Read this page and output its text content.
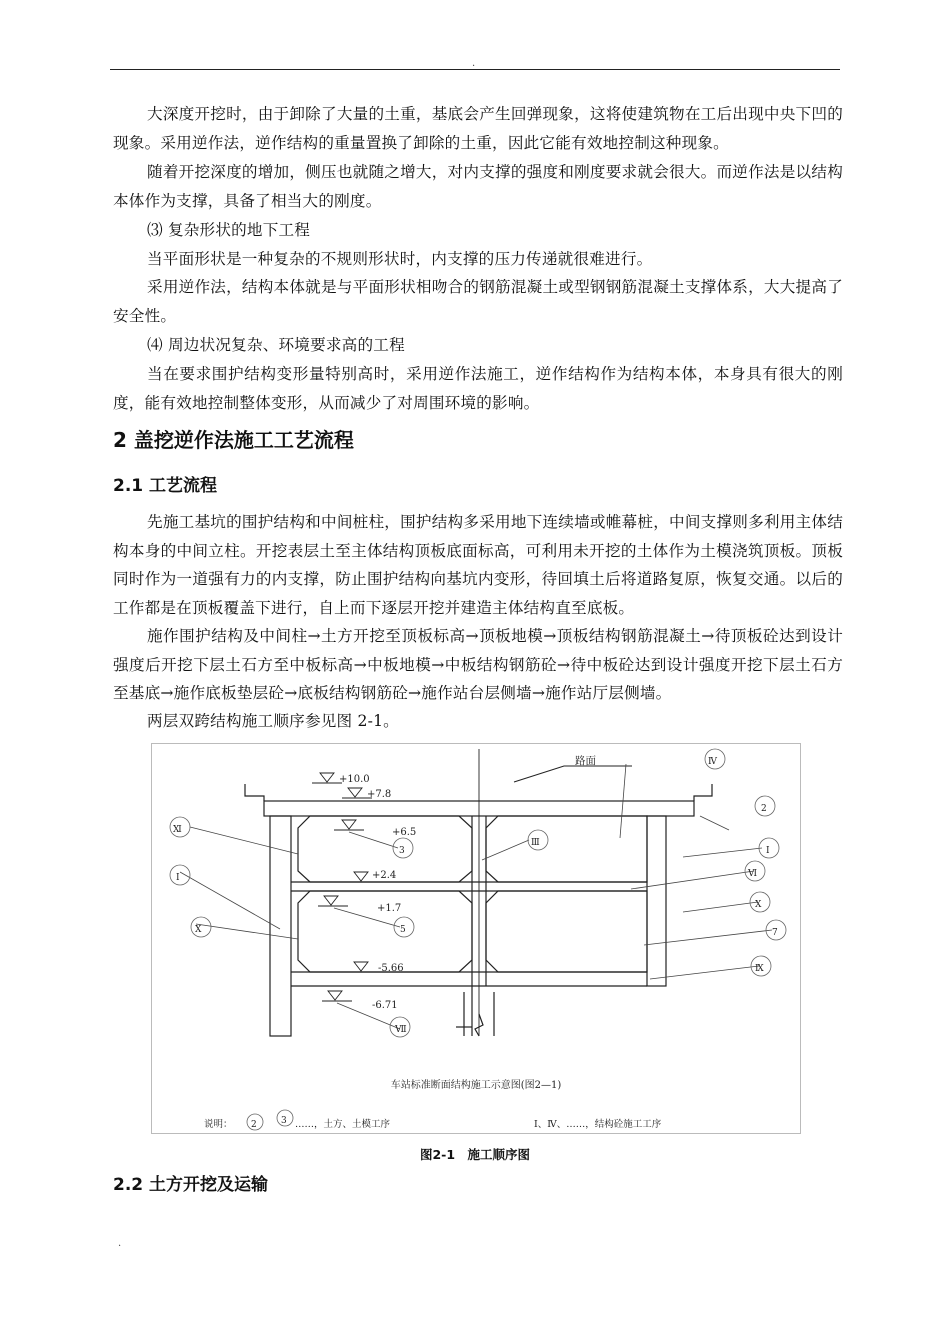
.

大深度开挖时，由于卸除了大量的土重，基底会产生回弹现象，这将使建筑物在工后出现中央下凹的现象。采用逆作法，逆作结构的重量置换了卸除的土重，因此它能有效地控制这种现象。

随着开挖深度的增加，侧压也就随之增大，对内支撑的强度和刚度要求就会很大。而逆作法是以结构本体作为支撑，具备了相当大的刚度。

⑶ 复杂形状的地下工程

当平面形状是一种复杂的不规则形状时，内支撑的压力传递就很难进行。

采用逆作法，结构本体就是与平面形状相吻合的钢筋混凝土或型钢钢筋混凝土支撑体系，大大提高了安全性。

⑷ 周边状况复杂、环境要求高的工程

当在要求围护结构变形量特别高时，采用逆作法施工，逆作结构作为结构本体，本身具有很大的刚度，能有效地控制整体变形，从而减少了对周围环境的影响。

2 盖挖逆作法施工工艺流程
2.1 工艺流程

先施工基坑的围护结构和中间桩柱，围护结构多采用地下连续墙或帷幕桩，中间支撑则多利用主体结构本身的中间立柱。开挖表层土至主体结构顶板底面标高，可利用未开挖的土体作为土模浇筑顶板。顶板同时作为一道强有力的内支撑，防止围护结构向基坑内变形，待回填土后将道路复原，恢复交通。以后的工作都是在顶板覆盖下进行，自上而下逐层开挖并建造主体结构直至底板。

施作围护结构及中间柱→土方开挖至顶板标高→顶板地模→顶板结构钢筋混凝土→待顶板砼达到设计强度后开挖下层土石方至中板标高→中板地模→中板结构钢筋砼→待中板砼达到设计强度开挖下层土石方至基底→施作底板垫层砼→底板结构钢筋砼→施作站台层侧墙→施作站厅层侧墙。

两层双跨结构施工顺序参见图 2-1。

路面
+10.0
+7.8
+6.5
+2.4
+1.7
-5.66
-6.71
Ⅳ
2
Ⅺ
3
Ⅲ
Ⅰ
Ⅰ	Ⅵ
Ⅹ
5
Ⅹ	7
Ⅸ
Ⅶ
车站标准断面结构施工示意图(图2—1)
说明： 2	3 ……，土方、土模工序	Ⅰ、Ⅳ、……，结构砼施工工序
图2-1　施工顺序图
2.2 土方开挖及运输
.
